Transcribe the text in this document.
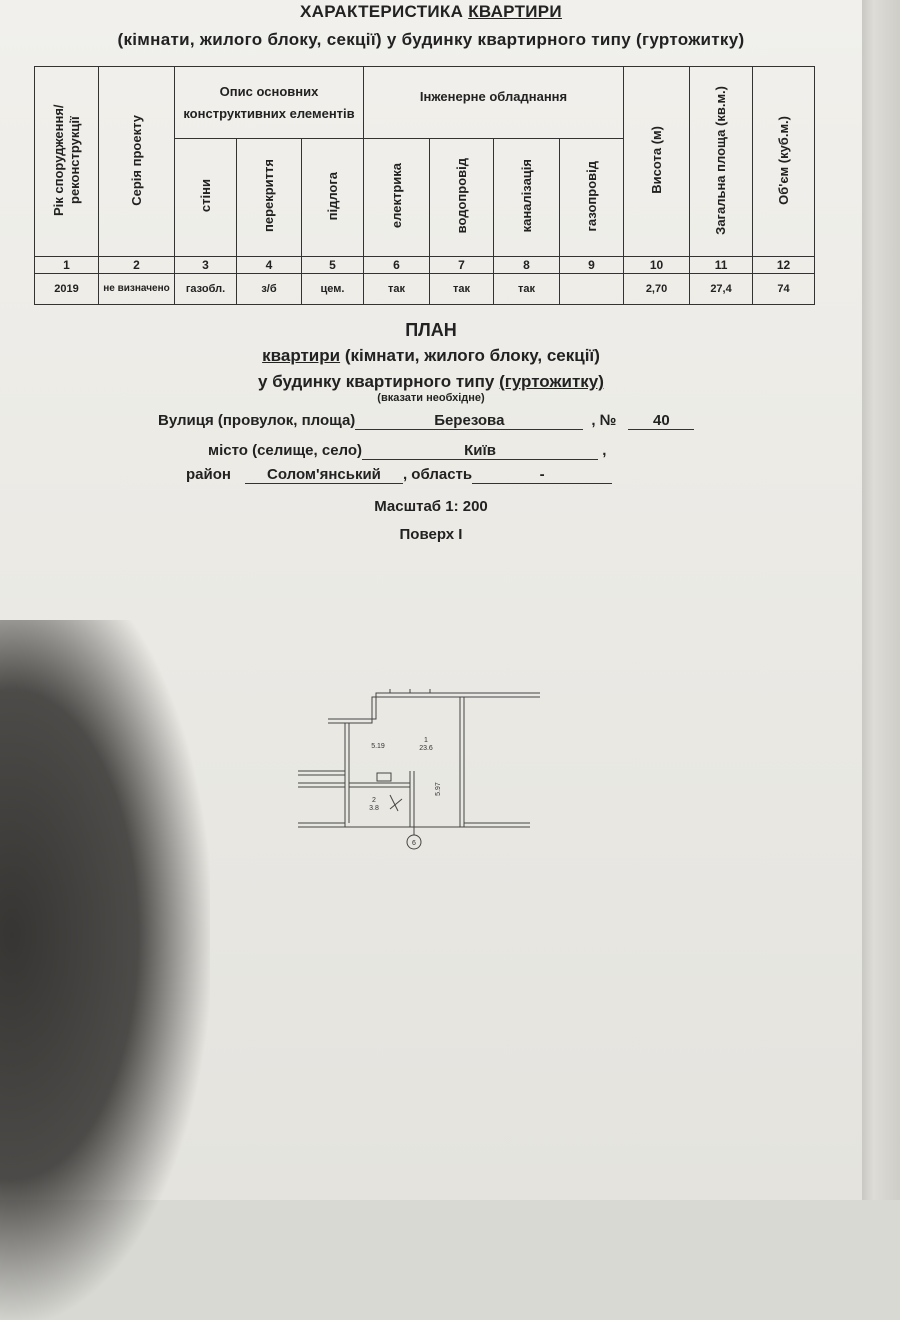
ХАРАКТЕРИСТИКА КВАРТИРИ
(кімнати, жилого блоку, секції) у будинку квартирного типу (гуртожитку)
Рік спорудження/ реконструкції	Серія проекту	Опис основних конструктивних елементів			Інженерне обладнання				Висота (м)	Загальна площа (кв.м.)	Об'єм (куб.м.)
		стіни	перекриття	підлога	електрика	водопровід	каналізація	газопровід			
1	2	3	4	5	6	7	8	9	10	11	12
2019	не визначено	газобл.	з/б	цем.	так	так	так		2,70	27,4	74
ПЛАН
квартири (кімнати, жилого блоку, секції)
у будинку квартирного типу (гуртожитку)
(вказати необхідне)
Вулиця (провулок, площа)	Березова	, № 40
місто (селище, село)	Київ	,
район Солом'янський , область	-
Масштаб 1: 200
Поверх І
1
23.6
5.19
5.97
2
3.8
6
